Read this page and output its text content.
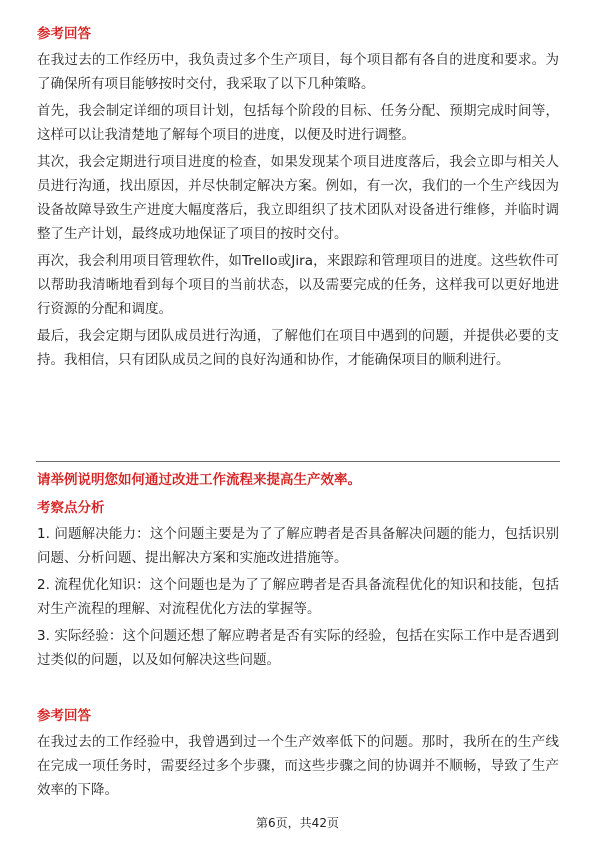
参考回答

在我过去的工作经历中，我负责过多个生产项目，每个项目都有各自的进度和要求。为了确保所有项目能够按时交付，我采取了以下几种策略。

首先，我会制定详细的项目计划，包括每个阶段的目标、任务分配、预期完成时间等，这样可以让我清楚地了解每个项目的进度，以便及时进行调整。

其次，我会定期进行项目进度的检查，如果发现某个项目进度落后，我会立即与相关人员进行沟通，找出原因，并尽快制定解决方案。例如，有一次，我们的一个生产线因为设备故障导致生产进度大幅度落后，我立即组织了技术团队对设备进行维修，并临时调整了生产计划，最终成功地保证了项目的按时交付。

再次，我会利用项目管理软件，如Trello或Jira，来跟踪和管理项目的进度。这些软件可以帮助我清晰地看到每个项目的当前状态，以及需要完成的任务，这样我可以更好地进行资源的分配和调度。

最后，我会定期与团队成员进行沟通，了解他们在项目中遇到的问题，并提供必要的支持。我相信，只有团队成员之间的良好沟通和协作，才能确保项目的顺利进行。

请举例说明您如何通过改进工作流程来提高生产效率。
考察点分析

1. 问题解决能力：这个问题主要是为了了解应聘者是否具备解决问题的能力，包括识别问题、分析问题、提出解决方案和实施改进措施等。

2. 流程优化知识：这个问题也是为了了解应聘者是否具备流程优化的知识和技能，包括对生产流程的理解、对流程优化方法的掌握等。

3. 实际经验：这个问题还想了解应聘者是否有实际的经验，包括在实际工作中是否遇到过类似的问题，以及如何解决这些问题。

参考回答

在我过去的工作经验中，我曾遇到过一个生产效率低下的问题。那时，我所在的生产线在完成一项任务时，需要经过多个步骤，而这些步骤之间的协调并不顺畅，导致了生产效率的下降。

第6页，共42页
